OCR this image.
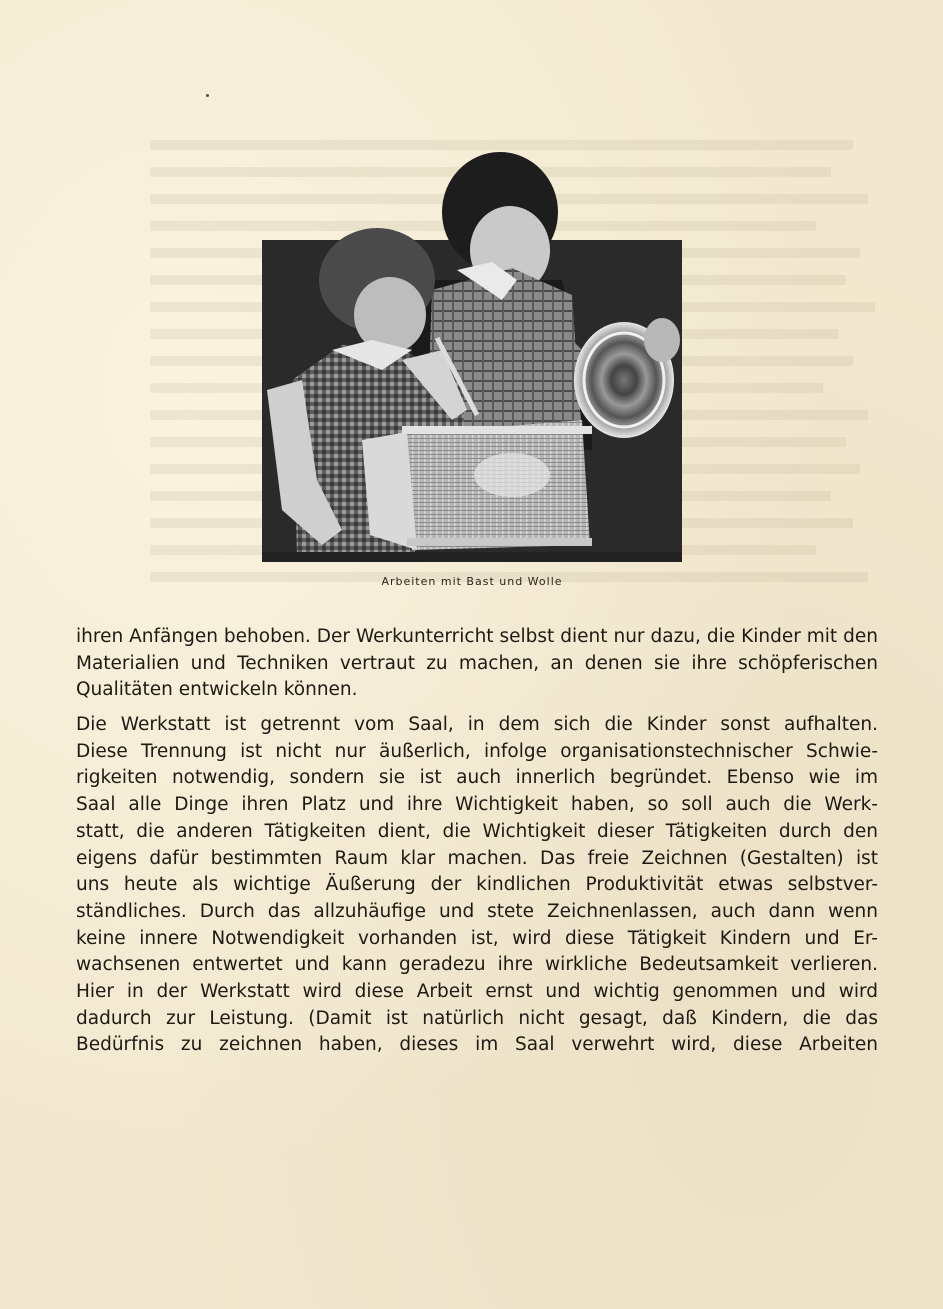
Arbeiten mit Bast und Wolle
ihren Anfängen behoben. Der Werkunterricht selbst dient nur dazu, die Kinder mit den
Materialien und Techniken vertraut zu machen, an denen sie ihre schöpferischen
Qualitäten entwickeln können.
Die Werkstatt ist getrennt vom Saal, in dem sich die Kinder sonst aufhalten.
Diese Trennung ist nicht nur äußerlich, infolge organisationstechnischer Schwie-
rigkeiten notwendig, sondern sie ist auch innerlich begründet. Ebenso wie im
Saal alle Dinge ihren Platz und ihre Wichtigkeit haben, so soll auch die Werk-
statt, die anderen Tätigkeiten dient, die Wichtigkeit dieser Tätigkeiten durch den
eigens dafür bestimmten Raum klar machen. Das freie Zeichnen (Gestalten) ist
uns heute als wichtige Äußerung der kindlichen Produktivität etwas selbstver-
ständliches. Durch das allzuhäufige und stete Zeichnenlassen, auch dann wenn
keine innere Notwendigkeit vorhanden ist, wird diese Tätigkeit Kindern und Er-
wachsenen entwertet und kann geradezu ihre wirkliche Bedeutsamkeit verlieren.
Hier in der Werkstatt wird diese Arbeit ernst und wichtig genommen und wird
dadurch zur Leistung. (Damit ist natürlich nicht gesagt, daß Kindern, die das
Bedürfnis zu zeichnen haben, dieses im Saal verwehrt wird, diese Arbeiten
